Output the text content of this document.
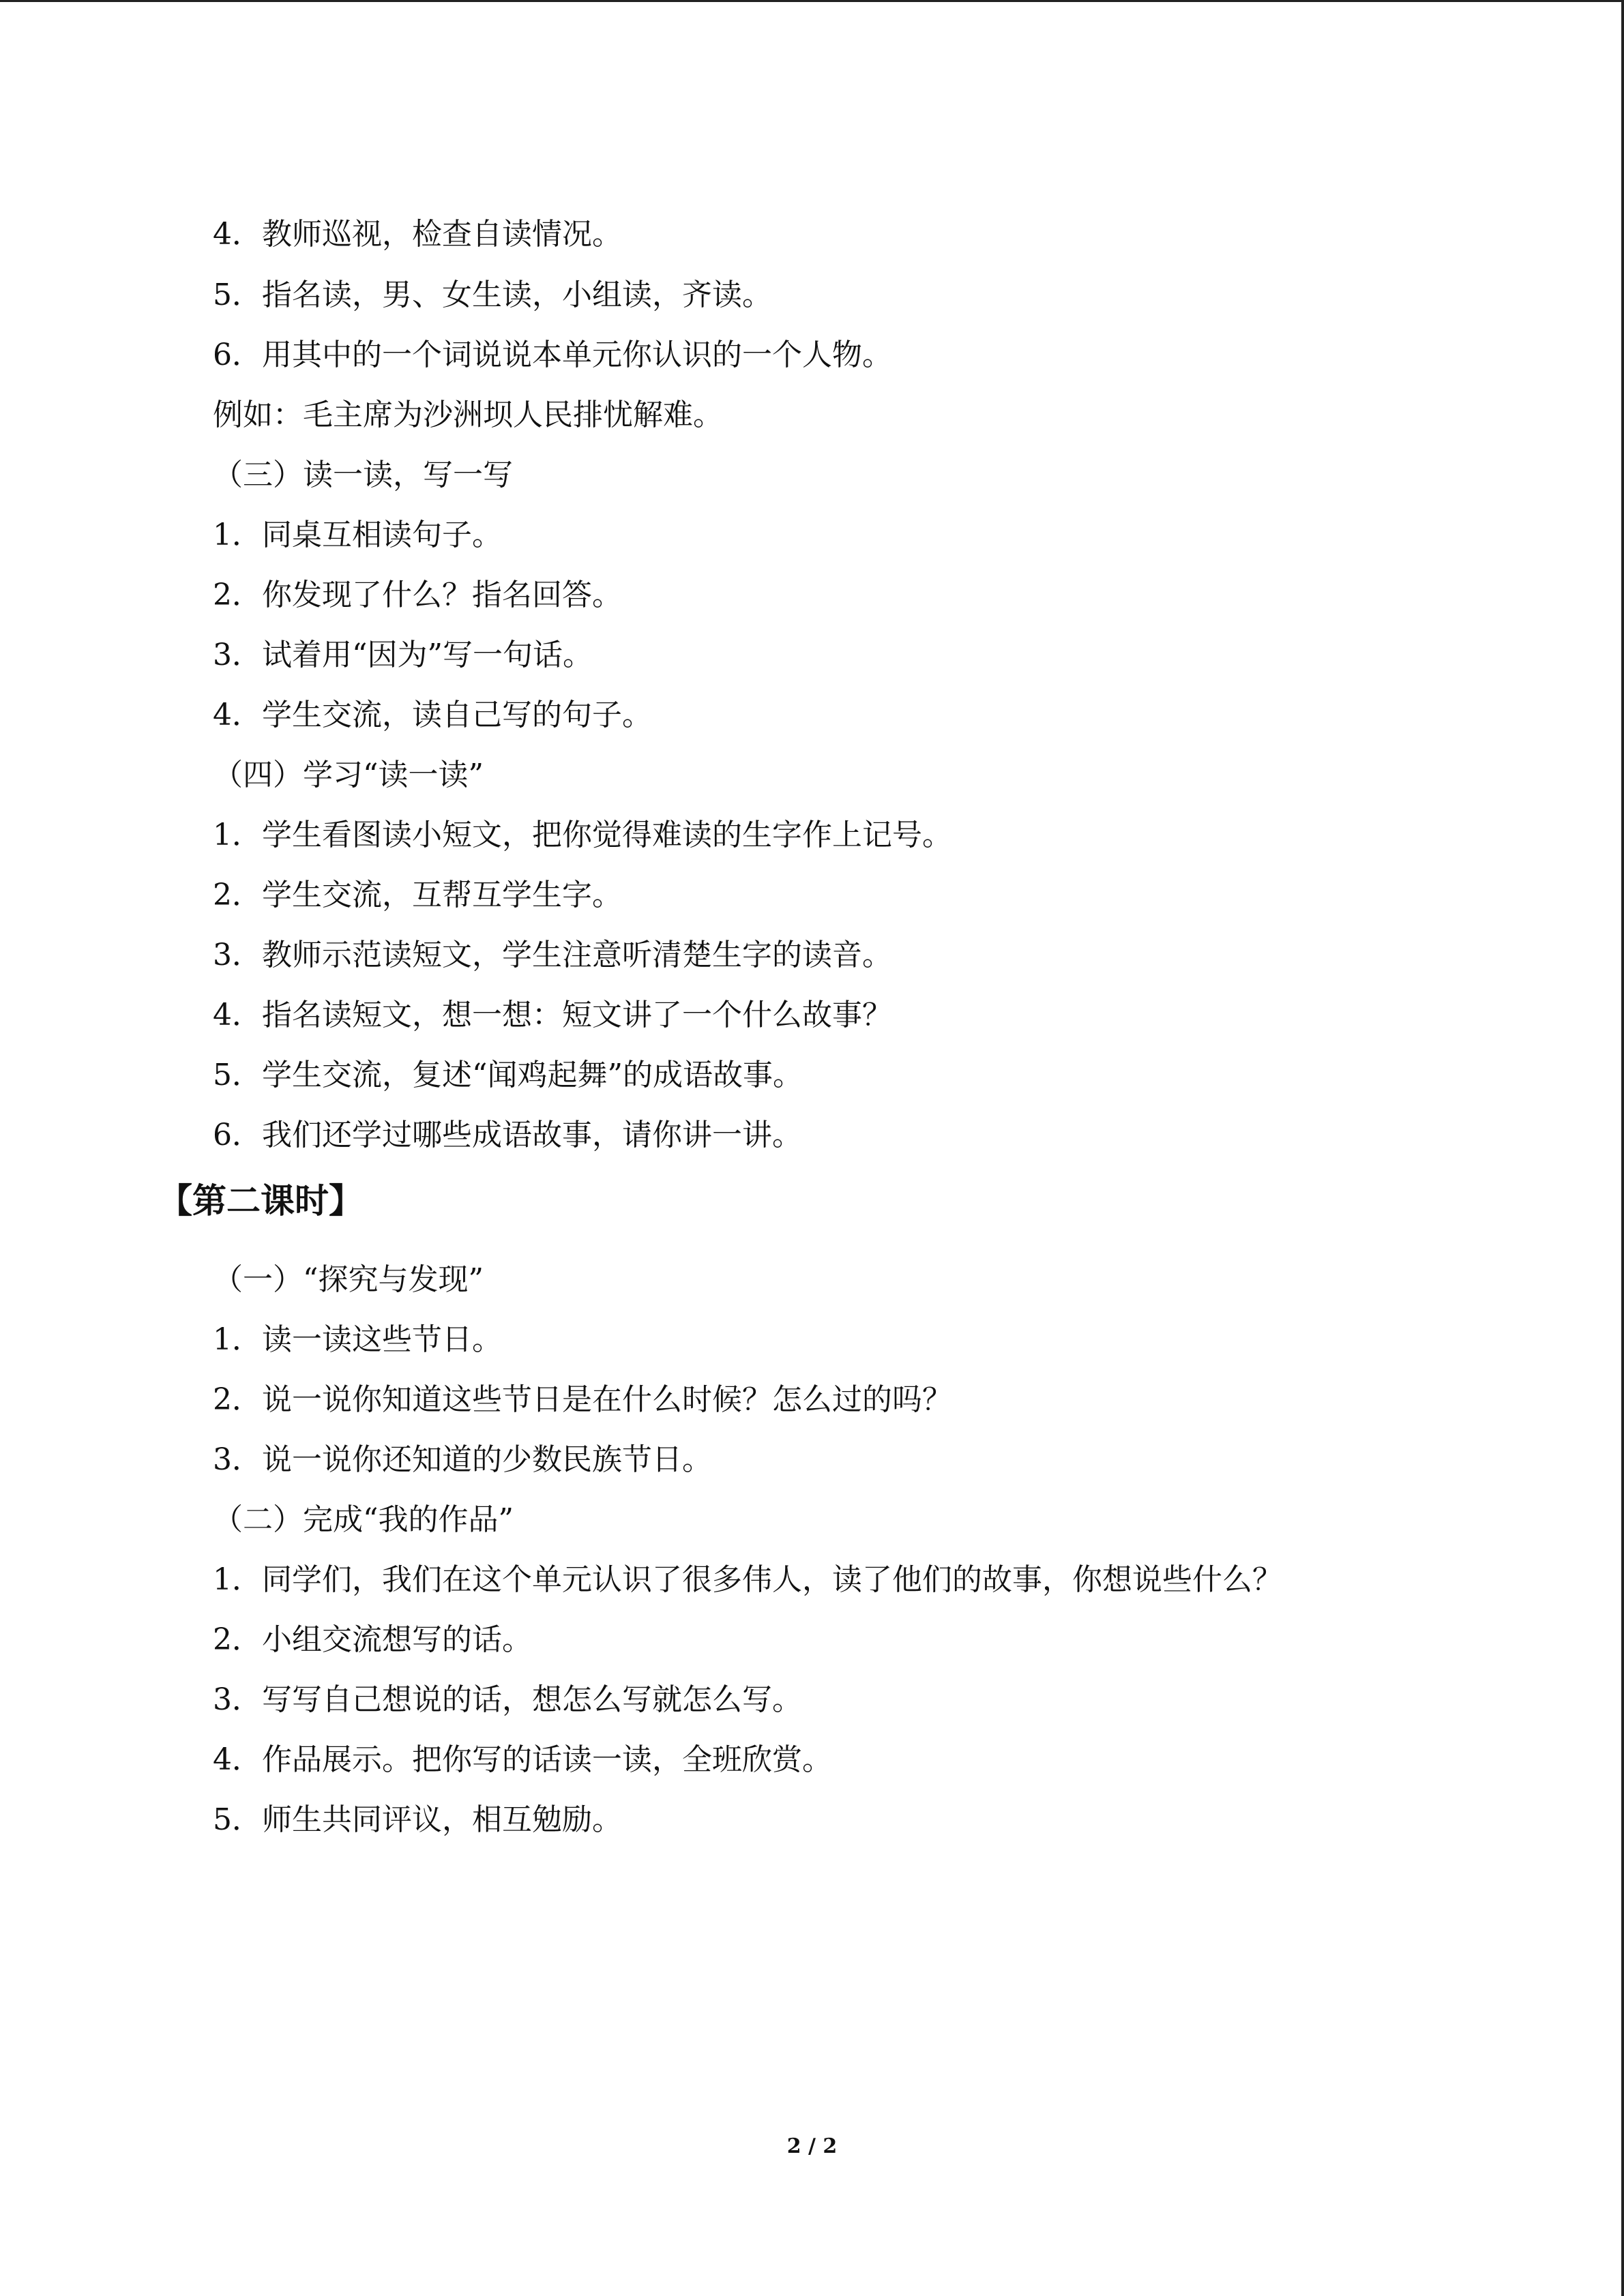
4．教师巡视，检查自读情况。
5．指名读，男、女生读，小组读，齐读。
6．用其中的一个词说说本单元你认识的一个人物。
例如：毛主席为沙洲坝人民排忧解难。
（三）读一读，写一写
1．同桌互相读句子。
2．你发现了什么？指名回答。
3．试着用“因为”写一句话。
4．学生交流，读自己写的句子。
（四）学习“读一读”
1．学生看图读小短文，把你觉得难读的生字作上记号。
2．学生交流，互帮互学生字。
3．教师示范读短文，学生注意听清楚生字的读音。
4．指名读短文，想一想：短文讲了一个什么故事？
5．学生交流，复述“闻鸡起舞”的成语故事。
6．我们还学过哪些成语故事，请你讲一讲。
【第二课时】
（一）“探究与发现”
1．读一读这些节日。
2．说一说你知道这些节日是在什么时候？怎么过的吗？
3．说一说你还知道的少数民族节日。
（二）完成“我的作品”
1．同学们，我们在这个单元认识了很多伟人，读了他们的故事，你想说些什么？
2．小组交流想写的话。
3．写写自己想说的话，想怎么写就怎么写。
4．作品展示。把你写的话读一读，全班欣赏。
5．师生共同评议，相互勉励。
2 / 2
